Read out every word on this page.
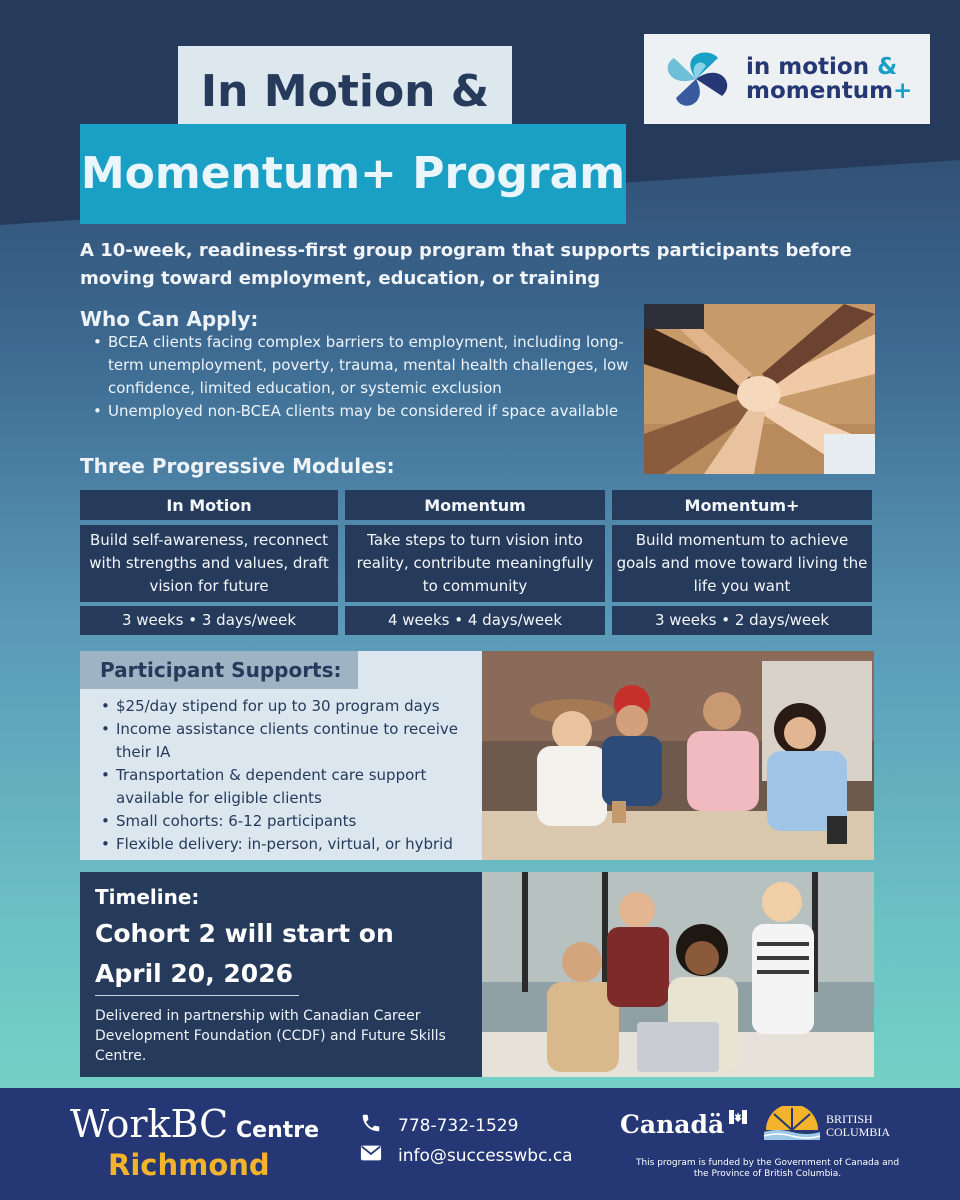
In Motion &
Momentum+ Program
in motion &
momentum+
A 10-week, readiness-first group program that supports participants before moving toward employment, education, or training
Who Can Apply:
• BCEA clients facing complex barriers to employment, including long-term unemployment, poverty, trauma, mental health challenges, low confidence, limited education, or systemic exclusion
• Unemployed non-BCEA clients may be considered if space available
Three Progressive Modules:
In Motion
Build self-awareness, reconnect with strengths and values, draft vision for future
3 weeks • 3 days/week
Momentum
Take steps to turn vision into reality, contribute meaningfully to community
4 weeks • 4 days/week
Momentum+
Build momentum to achieve goals and move toward living the life you want
3 weeks • 2 days/week
Participant Supports:
• $25/day stipend for up to 30 program days
• Income assistance clients continue to receive their IA
• Transportation & dependent care support available for eligible clients
• Small cohorts: 6-12 participants
• Flexible delivery: in-person, virtual, or hybrid
Timeline:
Cohort 2 will start on
April 20, 2026
Delivered in partnership with Canadian Career Development Foundation (CCDF) and Future Skills Centre.
WorkBC Centre
Richmond
778-732-1529
info@successwbc.ca
Canadä	BRITISH
COLUMBIA
This program is funded by the Government of Canada and the Province of British Columbia.
